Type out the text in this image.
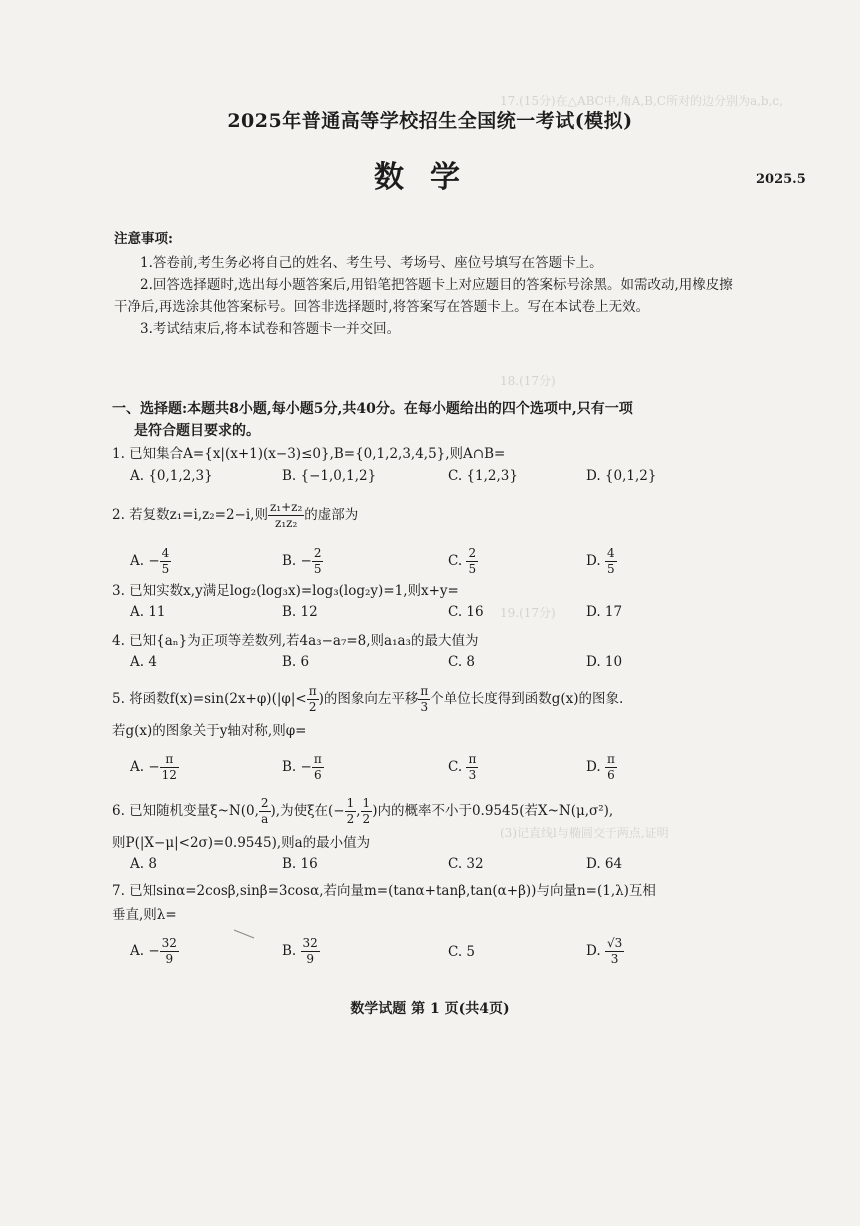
17.(15分)在△ABC中,角A,B,C所对的边分别为a,b,c,
18.(17分)
19.(17分)
(3)记直线l与椭圆交于两点,证明
2025年普通高等学校招生全国统一考试(模拟)
数学	2025.5
注意事项:

1.答卷前,考生务必将自己的姓名、考生号、考场号、座位号填写在答题卡上。

2.回答选择题时,选出每小题答案后,用铅笔把答题卡上对应题目的答案标号涂黑。如需改动,用橡皮擦干净后,再选涂其他答案标号。回答非选择题时,将答案写在答题卡上。写在本试卷上无效。

3.考试结束后,将本试卷和答题卡一并交回。

一、选择题:本题共8小题,每小题5分,共40分。在每小题给出的四个选项中,只有一项
是符合题目要求的。
1. 已知集合A={x|(x+1)(x−3)≤0},B={0,1,2,3,4,5},则A∩B=
A. {0,1,2,3}	B. {−1,0,1,2}	C. {1,2,3}	D. {0,1,2}
2. 若复数z₁=i,z₂=2−i,则 $\frac{\text{z₁+z₂}}{\text{z₁z₂}}$ 的虚部为
A. − $\frac{4}{5}$	B. − $\frac{2}{5}$	C. $\frac{2}{5}$	D. $\frac{4}{5}$
3. 已知实数x,y满足log₂(log₃x)=log₃(log₂y)=1,则x+y=
A. 11	B. 12	C. 16	D. 17
4. 已知{aₙ}为正项等差数列,若4a₃−a₇=8,则a₁a₃的最大值为
A. 4	B. 6	C. 8	D. 10
5. 将函数$f(x)=\sin(2x+\varphi)(|\varphi|< \frac{\pi}{2}$ )的图象向左平移 $\frac{\pi}{3}$ 个单位长度得到函数g(x)的图象.
若g(x)的图象关于y轴对称,则φ=
A. − $\frac{\pi}{12}$	B. − $\frac{\pi}{6}$	C. $\frac{\pi}{3}$	D. $\frac{\pi}{6}$
6. 已知随机变量ξ~N(0, $\frac{2}{a}$ ),为使ξ在(− $\frac{1}{2}$ , $\frac{1}{2}$ )内的概率不小于0.9545(若X~N(μ,σ²),
则P(|X−μ|<2σ)=0.9545),则a的最小值为
A. 8	B. 16	C. 32	D. 64
7. 已知sinα=2cosβ,sinβ=3cosα,若向量m=(tanα+tanβ,tan(α+β))与向量n=(1,λ)互相
垂直,则λ=
A. − $\frac{32}{9}$	B. $\frac{32}{9}$	C. 5	D. $\frac{√3}{3}$
数学试题 第 1 页(共4页)
